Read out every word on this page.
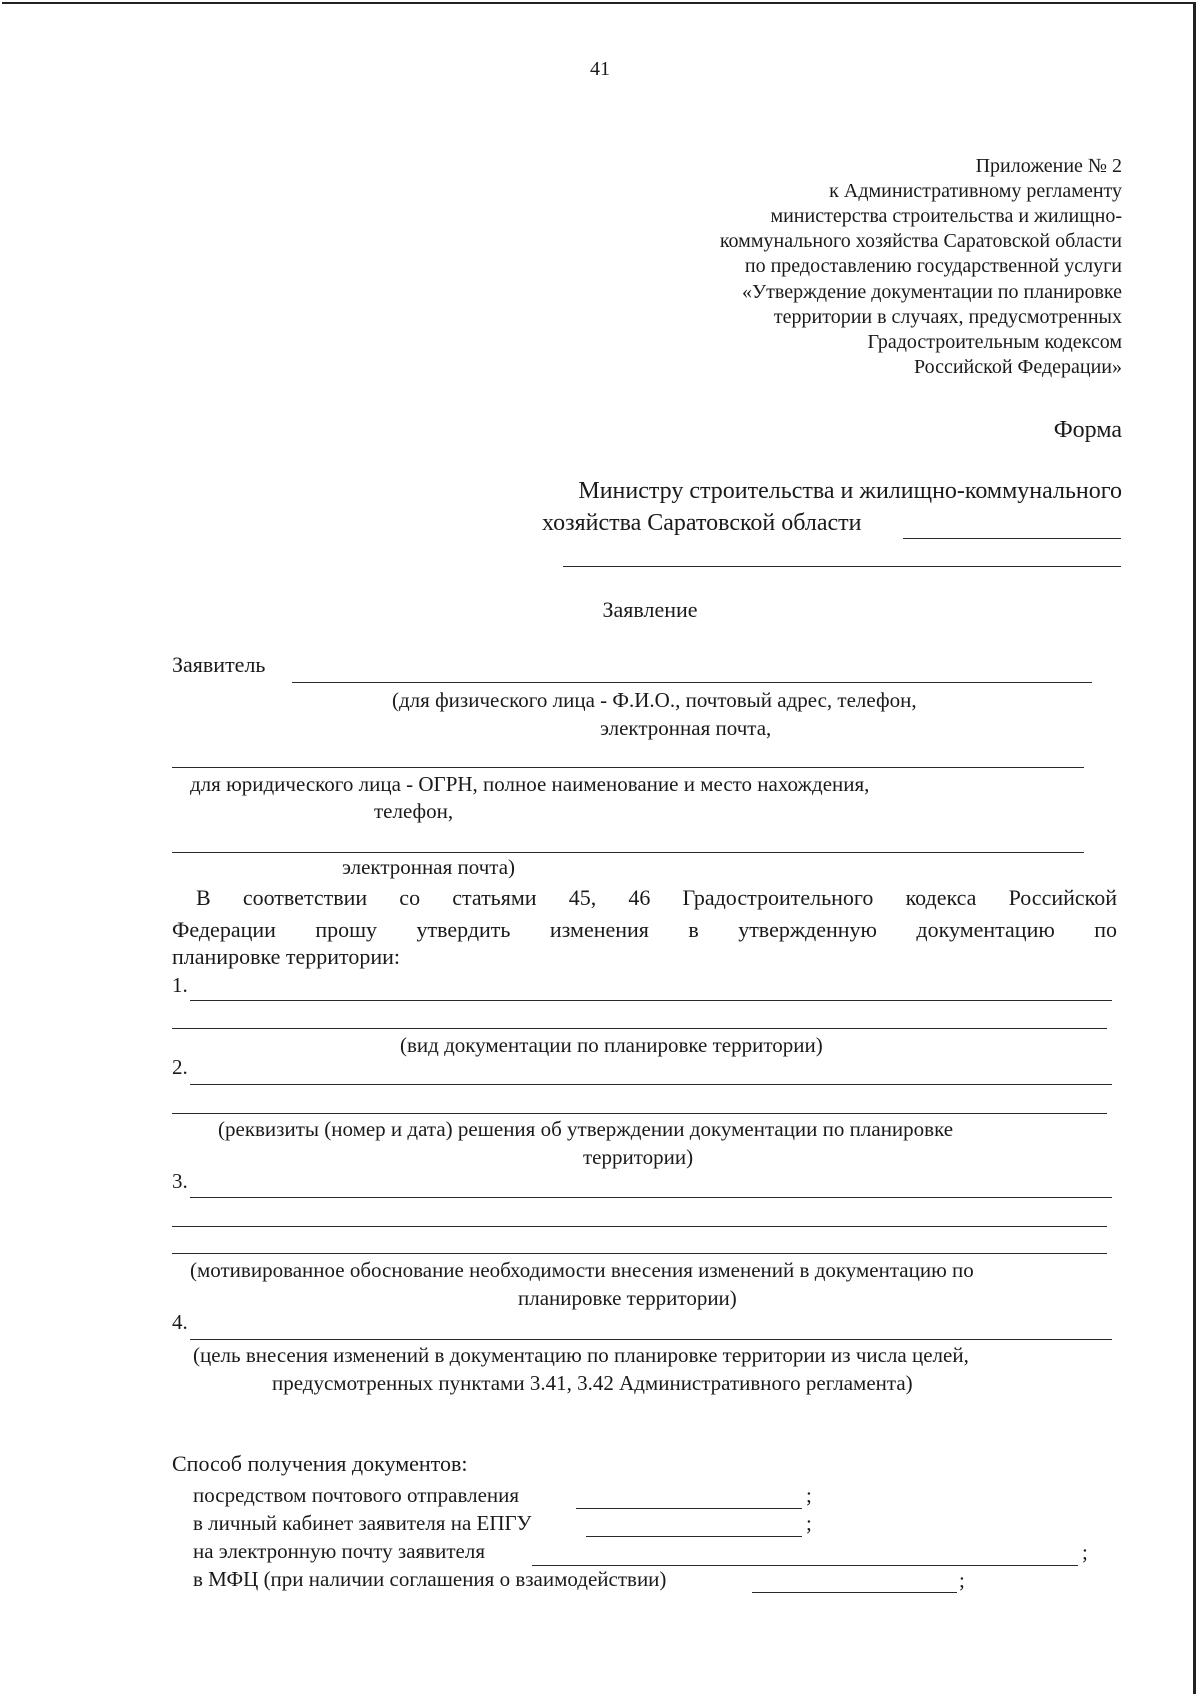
41
Приложение № 2
к Административному регламенту
министерства строительства и жилищно-
коммунального хозяйства Саратовской области
по предоставлению государственной услуги
«Утверждение документации по планировке
территории в случаях, предусмотренных
Градостроительным кодексом
Российской Федерации»
Форма
Министру строительства и жилищно-коммунального
хозяйства Саратовской области
Заявление
Заявитель
(для физического лица - Ф.И.О., почтовый адрес, телефон,
электронная почта,
для юридического лица - ОГРН, полное наименование и место нахождения,
телефон,
электронная почта)
В соответствии со статьями 45, 46 Градостроительного кодекса Российской
Федерации прошу утвердить изменения в утвержденную документацию по
планировке территории:
1.
(вид документации по планировке территории)
2.
(реквизиты (номер и дата) решения об утверждении документации по планировке
территории)
3.
(мотивированное обоснование необходимости внесения изменений в документацию по
планировке территории)
4.
(цель внесения изменений в документацию по планировке территории из числа целей,
предусмотренных пунктами 3.41, 3.42 Административного регламента)
Способ получения документов:
посредством почтового отправления	;
в личный кабинет заявителя на ЕПГУ	;
на электронную почту заявителя	;
в МФЦ (при наличии соглашения о взаимодействии)	;
